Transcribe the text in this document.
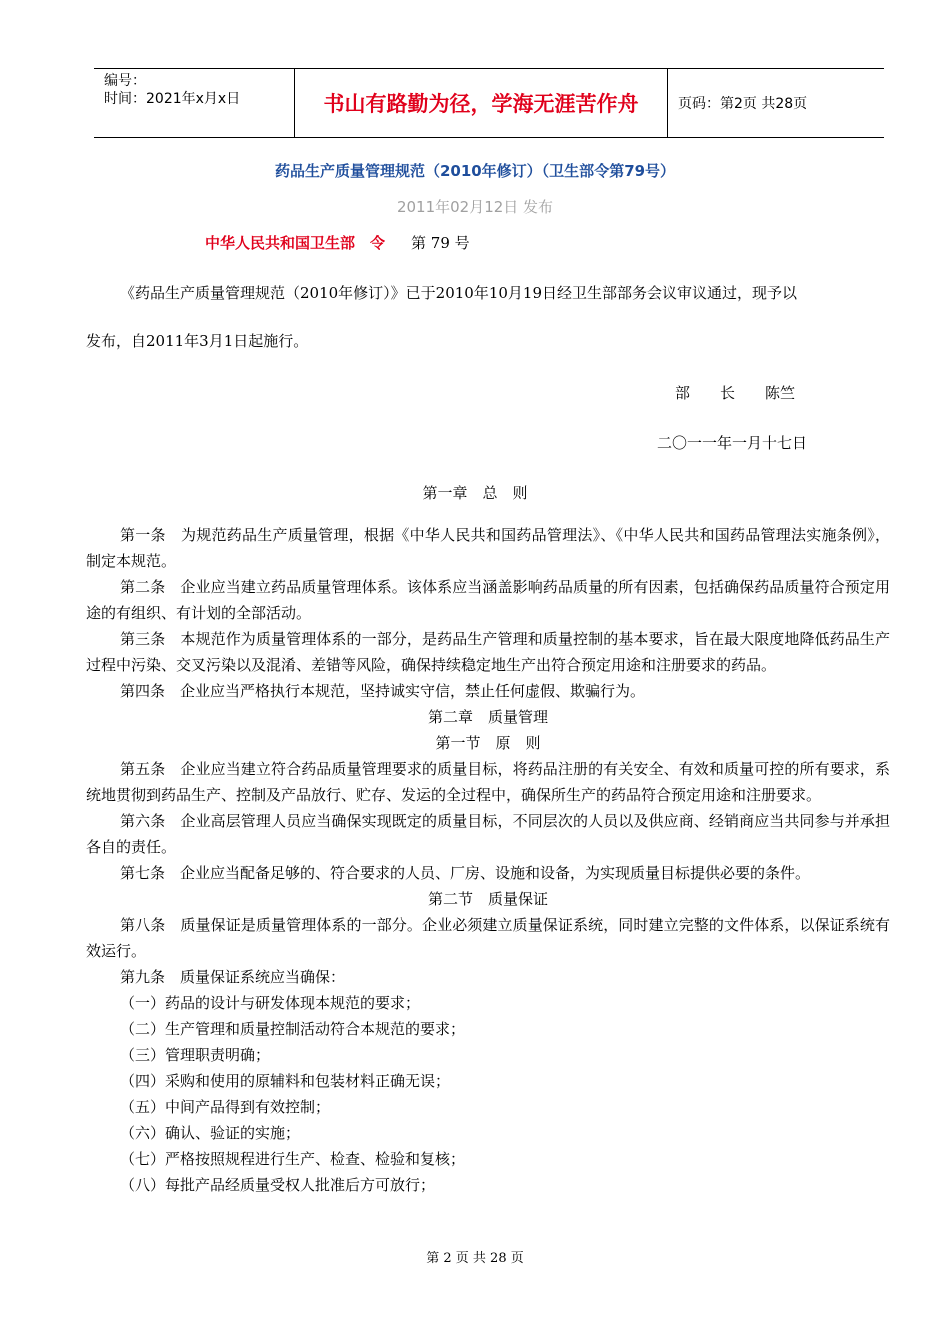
编号：
时间：2021年x月x日	书山有路勤为径，学海无涯苦作舟	页码：第2页 共28页
药品生产质量管理规范（2010年修订）（卫生部令第79号）
2011年02月12日 发布
中华人民共和国卫生部　令 第 79 号
《药品生产质量管理规范（2010年修订）》已于2010年10月19日经卫生部部务会议审议通过，现予以
发布，自2011年3月1日起施行。
部　　长　　陈竺
二〇一一年一月十七日
第一章　总　则

第一条　为规范药品生产质量管理，根据《中华人民共和国药品管理法》、《中华人民共和国药品管理法实施条例》，制定本规范。

第二条　企业应当建立药品质量管理体系。该体系应当涵盖影响药品质量的所有因素，包括确保药品质量符合预定用途的有组织、有计划的全部活动。

第三条　本规范作为质量管理体系的一部分，是药品生产管理和质量控制的基本要求，旨在最大限度地降低药品生产过程中污染、交叉污染以及混淆、差错等风险，确保持续稳定地生产出符合预定用途和注册要求的药品。

第四条　企业应当严格执行本规范，坚持诚实守信，禁止任何虚假、欺骗行为。

第二章　质量管理

第一节　原　则

第五条　企业应当建立符合药品质量管理要求的质量目标，将药品注册的有关安全、有效和质量可控的所有要求，系统地贯彻到药品生产、控制及产品放行、贮存、发运的全过程中，确保所生产的药品符合预定用途和注册要求。

第六条　企业高层管理人员应当确保实现既定的质量目标，不同层次的人员以及供应商、经销商应当共同参与并承担各自的责任。

第七条　企业应当配备足够的、符合要求的人员、厂房、设施和设备，为实现质量目标提供必要的条件。

第二节　质量保证

第八条　质量保证是质量管理体系的一部分。企业必须建立质量保证系统，同时建立完整的文件体系，以保证系统有效运行。

第九条　质量保证系统应当确保：

（一）药品的设计与研发体现本规范的要求；

（二）生产管理和质量控制活动符合本规范的要求；

（三）管理职责明确；

（四）采购和使用的原辅料和包装材料正确无误；

（五）中间产品得到有效控制；

（六）确认、验证的实施；

（七）严格按照规程进行生产、检查、检验和复核；

（八）每批产品经质量受权人批准后方可放行；

第 2 页 共 28 页
